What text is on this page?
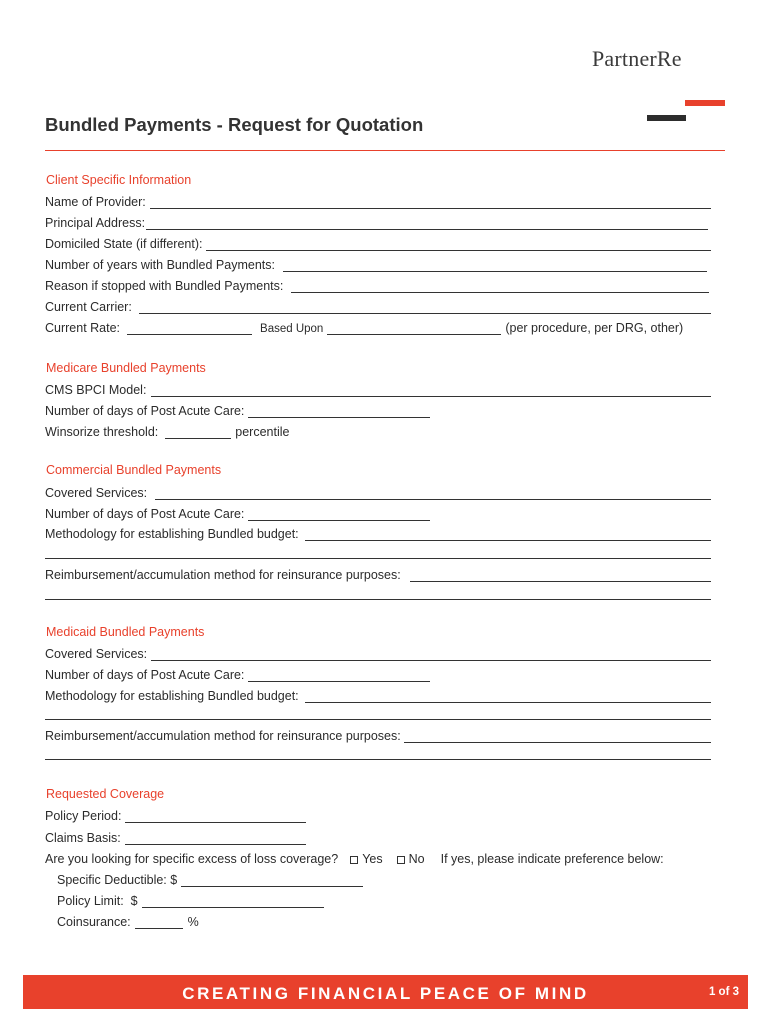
PartnerRe
Bundled Payments - Request for Quotation
Client Specific Information
Name of Provider:
Principal Address:
Domiciled State (if different):
Number of years with Bundled Payments:
Reason if stopped with Bundled Payments:
Current Carrier:
Current Rate:	Based Upon	(per procedure, per DRG, other)
Medicare Bundled Payments
CMS BPCI Model:
Number of days of Post Acute Care:
Winsorize threshold:	percentile
Commercial Bundled Payments
Covered Services:
Number of days of Post Acute Care:
Methodology for establishing Bundled budget:
Reimbursement/accumulation method for reinsurance purposes:
Medicaid Bundled Payments
Covered Services:
Number of days of Post Acute Care:
Methodology for establishing Bundled budget:
Reimbursement/accumulation method for reinsurance purposes:
Requested Coverage
Policy Period:
Claims Basis:
Are you looking for specific excess of loss coverage? Yes No If yes, please indicate preference below:
Specific Deductible: $
Policy Limit:  $
Coinsurance:	%
CREATING FINANCIAL PEACE OF MIND	1 of 3
